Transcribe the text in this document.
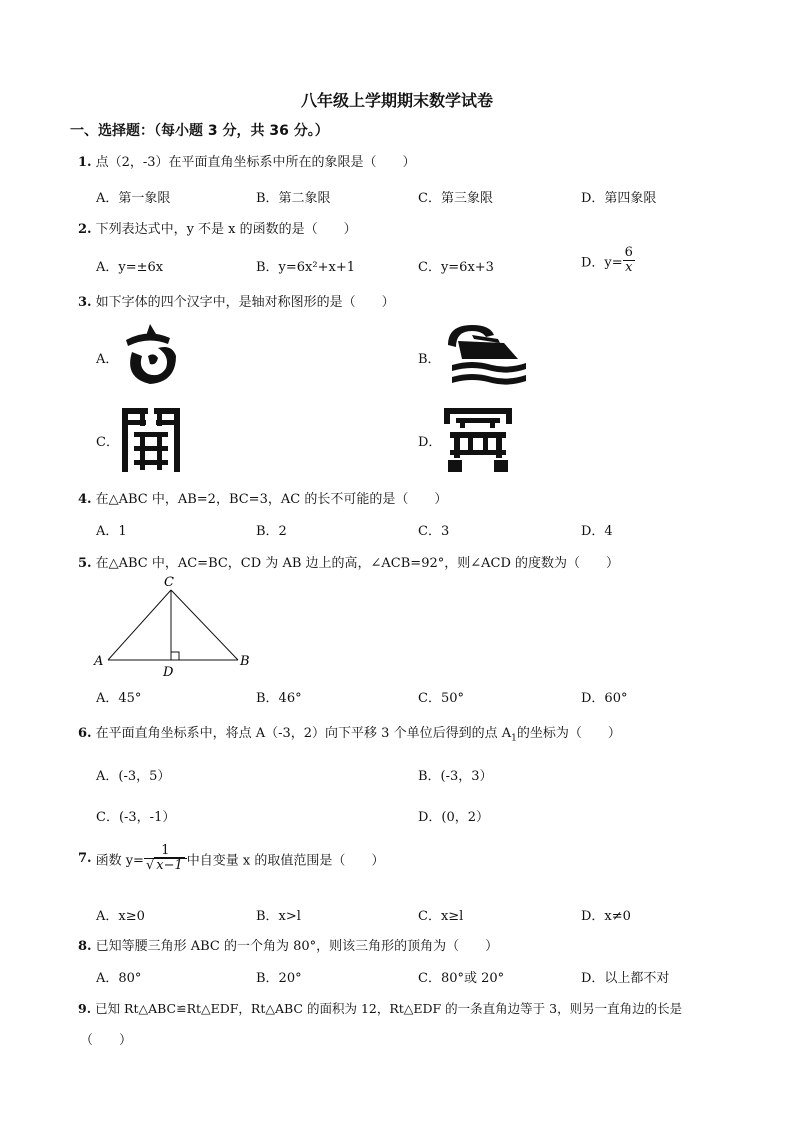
八年级上学期期末数学试卷
一、选择题：（每小题 3 分，共 36 分。）
1. 点（2，-3）在平面直角坐标系中所在的象限是（　　）
A．第一象限	B．第二象限	C．第三象限	D．第四象限
2. 下列表达式中，y 不是 x 的函数的是（　　）
A．y=±6x	B．y=6x²+x+1	C．y=6x+3	D．$y= \frac{6}{x}$
3. 如下字体的四个汉字中，是轴对称图形的是（　　）
A．	B．
C．	D．
4. 在△ABC 中，AB=2，BC=3，AC 的长不可能的是（　　）
A．1	B．2	C．3	D．4
5. 在△ABC 中，AC=BC，CD 为 AB 边上的高，∠ACB=92°，则∠ACD 的度数为（　　）
C
A	B
D
A．45°	B．46°	C．50°	D．60°
6. 在平面直角坐标系中，将点 A（-3，2）向下平移 3 个单位后得到的点 $A_1$的坐标为（　　）
A．(-3，5）	B．(-3，3）
C．(-3，-1）	D．(0，2）
7. 函数 $y= \frac{1}{√ x-1}$ 中自变量 x 的取值范围是（　　）
A．x≥0	B．x>l	C．x≥l	D．x≠0
8. 已知等腰三角形 ABC 的一个角为 80°，则该三角形的顶角为（　　）
A．80°	B．20°	C．80°或 20°	D．以上都不对
9. 已知 Rt△ABC≌Rt△EDF，Rt△ABC 的面积为 12，Rt△EDF 的一条直角边等于 3，则另一直角边的长是
（　　）
